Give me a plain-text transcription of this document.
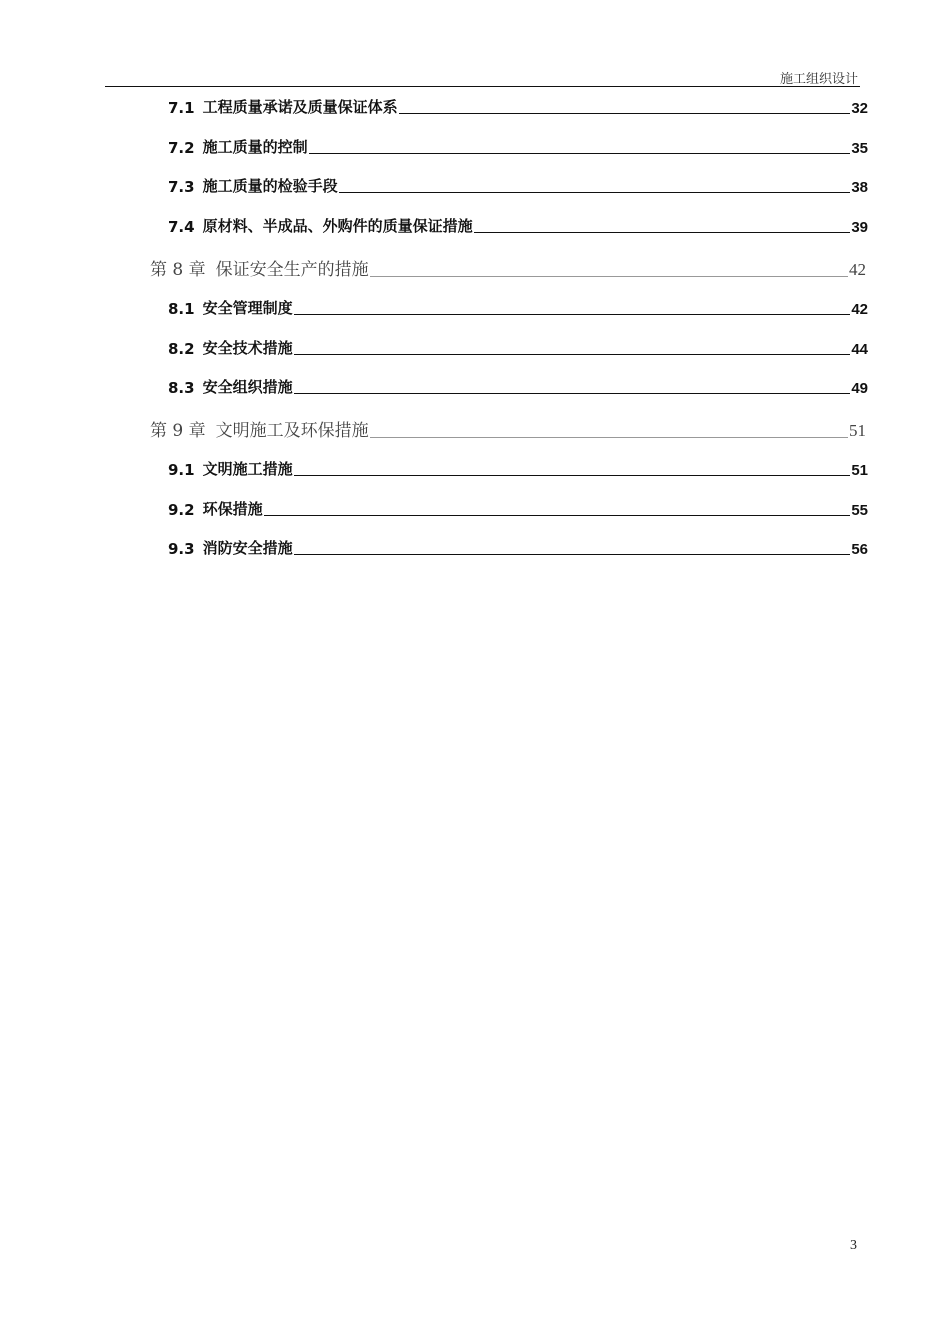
施工组织设计
7.1 工程质量承诺及质量保证体系	32
7.2 施工质量的控制	35
7.3 施工质量的检验手段	38
7.4 原材料、半成品、外购件的质量保证措施	39
第 8 章 保证安全生产的措施	42
8.1 安全管理制度	42
8.2 安全技术措施	44
8.3 安全组织措施	49
第 9 章 文明施工及环保措施	51
9.1 文明施工措施	51
9.2 环保措施	55
9.3 消防安全措施	56
3
